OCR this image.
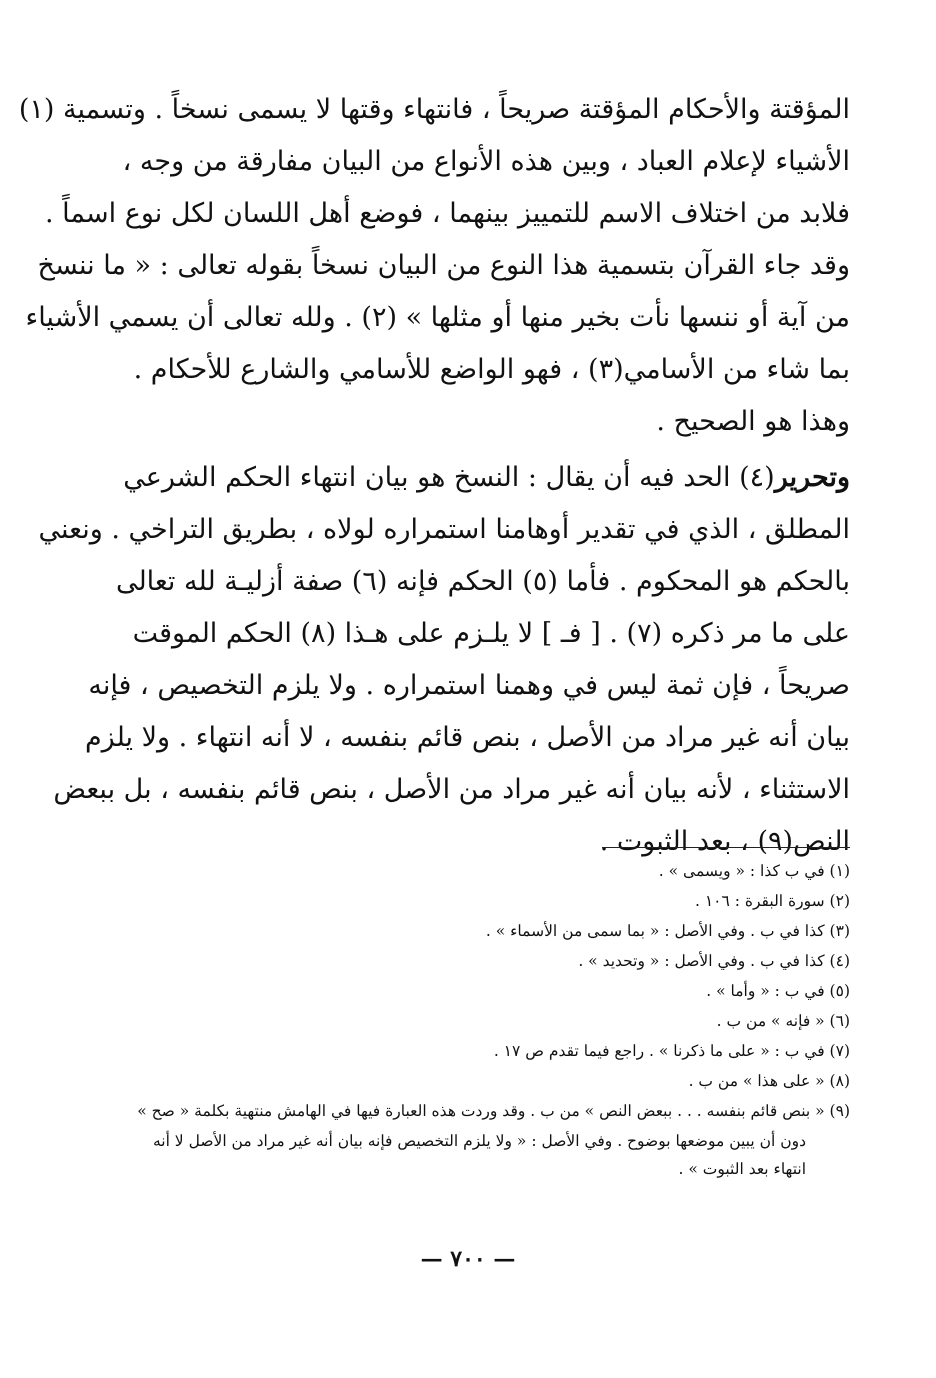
المؤقتة والأحكام المؤقتة صريحاً ، فانتهاء وقتها لا يسمى نسخاً . وتسمية (١)
الأشياء لإعلام العباد ، وبين هذه الأنواع من البيان مفارقة من وجه ،
فلابد من اختلاف الاسم للتمييز بينهما ، فوضع أهل اللسان لكل نوع اسماً .
وقد جاء القرآن بتسمية هذا النوع من البيان نسخاً بقوله تعالى : « ما ننسخ
من آية أو ننسها نأت بخير منها أو مثلها » (٢) . ولله تعالى أن يسمي الأشياء
بما شاء من الأسامي(٣) ، فهو الواضع للأسامي والشارع للأحكام .
وهذا هو الصحيح .
وتحرير(٤) الحد فيه أن يقال : النسخ هو بيان انتهاء الحكم الشرعي
المطلق ، الذي في تقدير أوهامنا استمراره لولاه ، بطريق التراخي . ونعني
بالحكم هو المحكوم . فأما (٥) الحكم فإنه (٦) صفة أزليـة لله تعالى
على ما مر ذكره (٧) . [ فـ ] لا يلـزم على هـذا (٨) الحكم الموقت
صريحاً ، فإن ثمة ليس في وهمنا استمراره . ولا يلزم التخصيص ، فإنه
بيان أنه غير مراد من الأصل ، بنص قائم بنفسه ، لا أنه انتهاء . ولا يلزم
الاستثناء ، لأنه بيان أنه غير مراد من الأصل ، بنص قائم بنفسه ، بل ببعض
النص(٩) ، بعد الثبوت .
(١) في ب كذا : « ويسمى » .
(٢) سورة البقرة : ١٠٦ .
(٣) كذا في ب . وفي الأصل : « بما سمى من الأسماء » .
(٤) كذا في ب . وفي الأصل : « وتحديد » .
(٥) في ب : « وأما » .
(٦) « فإنه » من ب .
(٧) في ب : « على ما ذكرنا » . راجع فيما تقدم ص ١٧ .
(٨) « على هذا » من ب .
(٩) « بنص قائم بنفسه . . . ببعض النص » من ب . وقد وردت هذه العبارة فيها في الهامش منتهية بكلمة « صح »
دون أن يبين موضعها بوضوح . وفي الأصل : « ولا يلزم التخصيص فإنه بيان أنه غير مراد من الأصل لا أنه
انتهاء بعد الثبوت » .
— ٧٠٠ —
